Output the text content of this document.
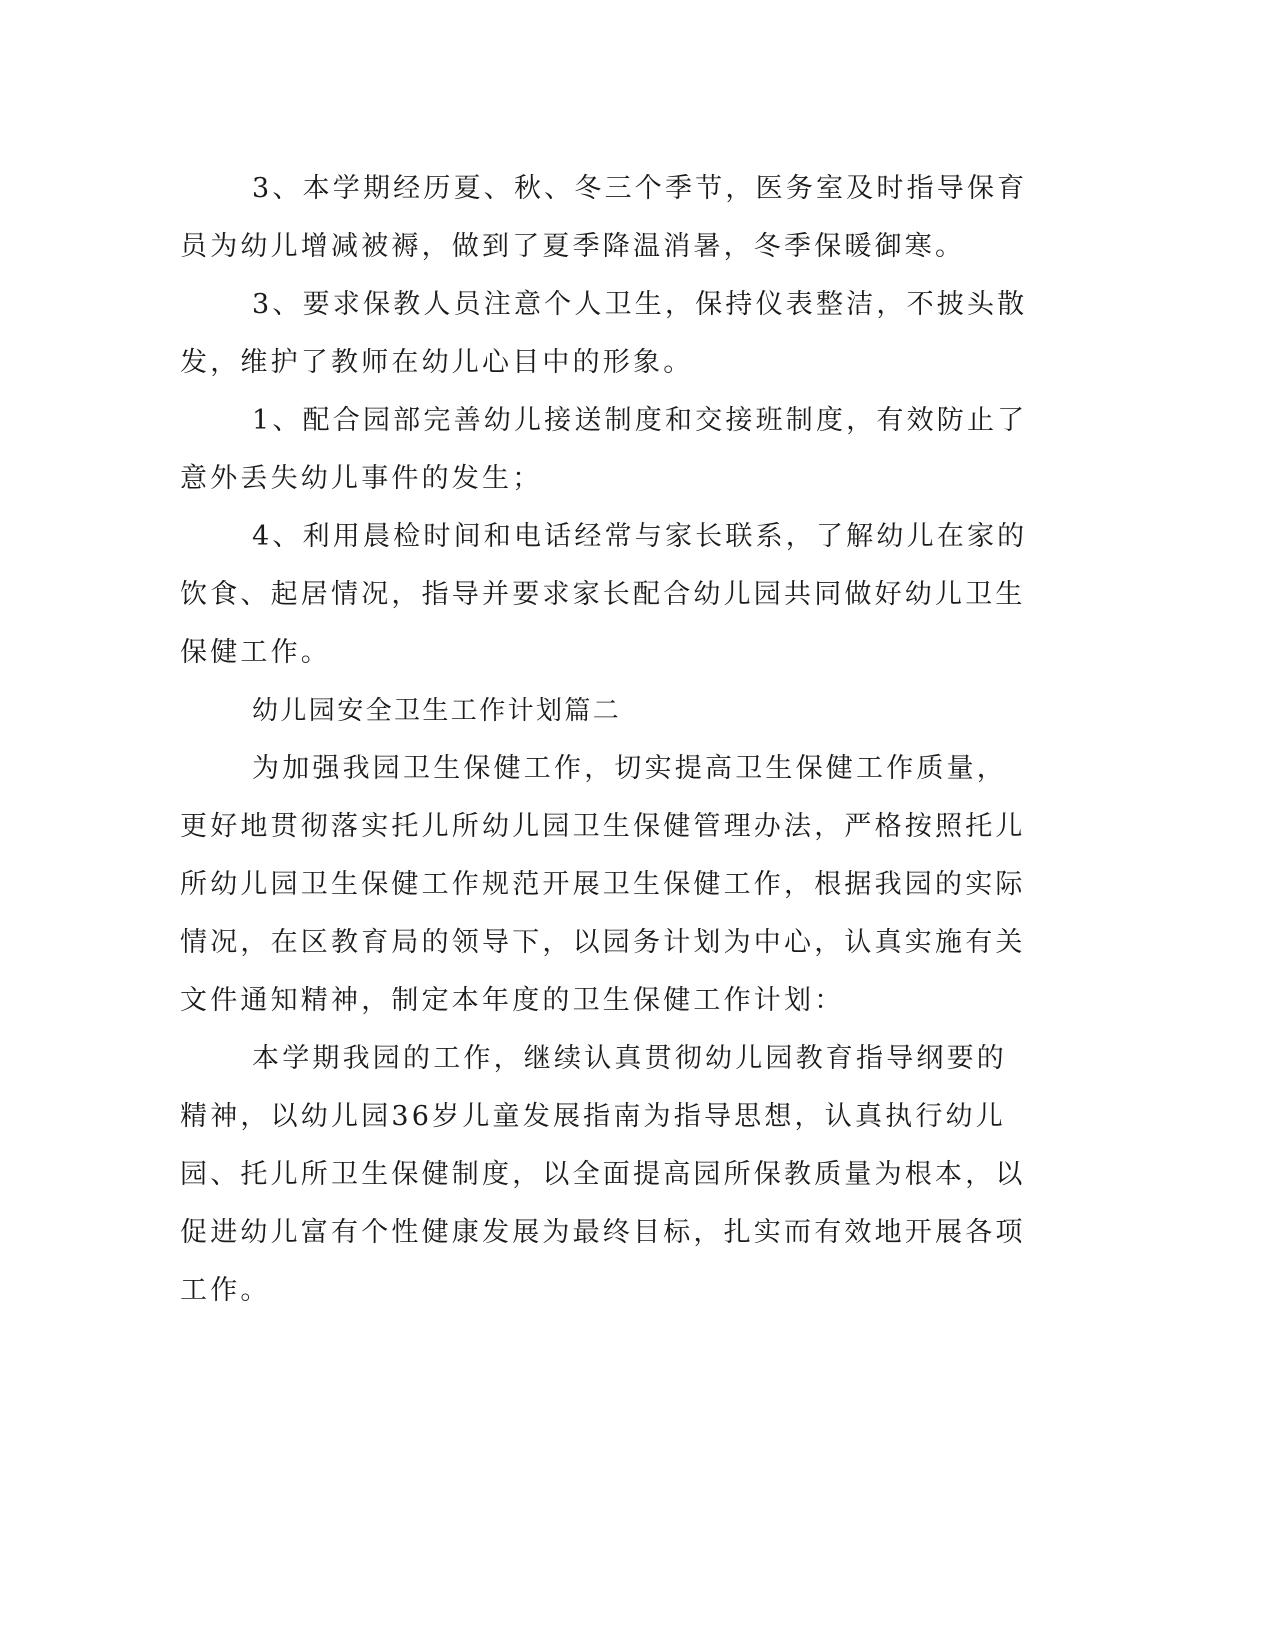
3、本学期经历夏、秋、冬三个季节，医务室及时指导保育员为幼儿增减被褥，做到了夏季降温消暑，冬季保暖御寒。

3、要求保教人员注意个人卫生，保持仪表整洁，不披头散发，维护了教师在幼儿心目中的形象。

1、配合园部完善幼儿接送制度和交接班制度，有效防止了意外丢失幼儿事件的发生；

4、利用晨检时间和电话经常与家长联系，了解幼儿在家的饮食、起居情况，指导并要求家长配合幼儿园共同做好幼儿卫生保健工作。

幼儿园安全卫生工作计划篇二

为加强我园卫生保健工作，切实提高卫生保健工作质量，更好地贯彻落实托儿所幼儿园卫生保健管理办法，严格按照托儿所幼儿园卫生保健工作规范开展卫生保健工作，根据我园的实际情况，在区教育局的领导下，以园务计划为中心，认真实施有关文件通知精神，制定本年度的卫生保健工作计划：

本学期我园的工作，继续认真贯彻幼儿园教育指导纲要的精神，以幼儿园36岁儿童发展指南为指导思想，认真执行幼儿园、托儿所卫生保健制度，以全面提高园所保教质量为根本，以促进幼儿富有个性健康发展为最终目标，扎实而有效地开展各项工作。
